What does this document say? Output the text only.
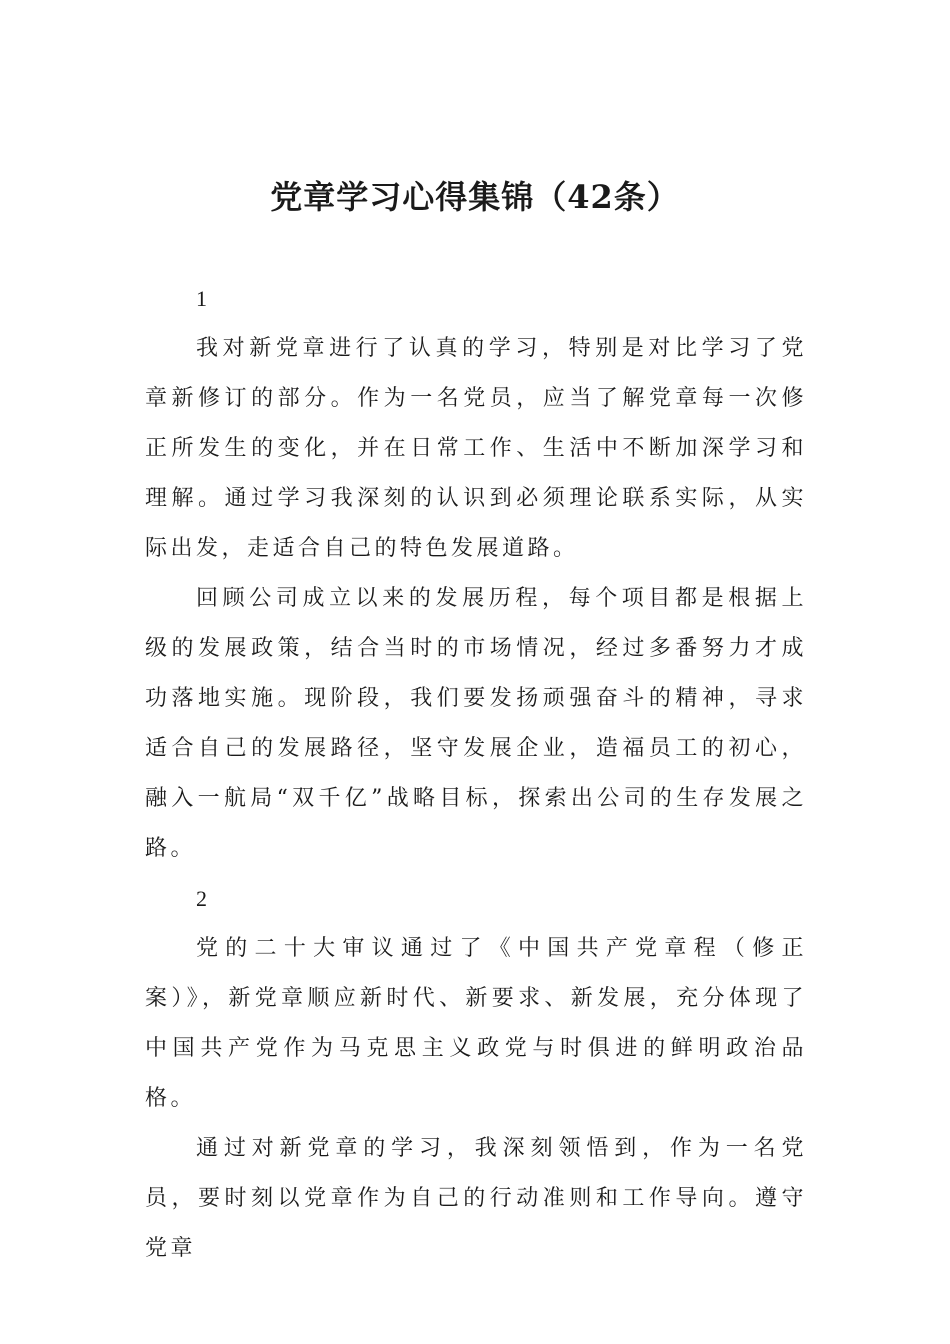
党章学习心得集锦（42条）

1

我对新党章进行了认真的学习，特别是对比学习了党章新修订的部分。作为一名党员，应当了解党章每一次修正所发生的变化，并在日常工作、生活中不断加深学习和理解。通过学习我深刻的认识到必须理论联系实际，从实际出发，走适合自己的特色发展道路。

回顾公司成立以来的发展历程，每个项目都是根据上级的发展政策，结合当时的市场情况，经过多番努力才成功落地实施。现阶段，我们要发扬顽强奋斗的精神，寻求适合自己的发展路径，坚守发展企业，造福员工的初心，融入一航局“双千亿”战略目标，探索出公司的生存发展之路。

2

党的二十大审议通过了《中国共产党章程（修正案）》，新党章顺应新时代、新要求、新发展，充分体现了中国共产党作为马克思主义政党与时俱进的鲜明政治品格。

通过对新党章的学习，我深刻领悟到，作为一名党员，要时刻以党章作为自己的行动准则和工作导向。遵守党章
